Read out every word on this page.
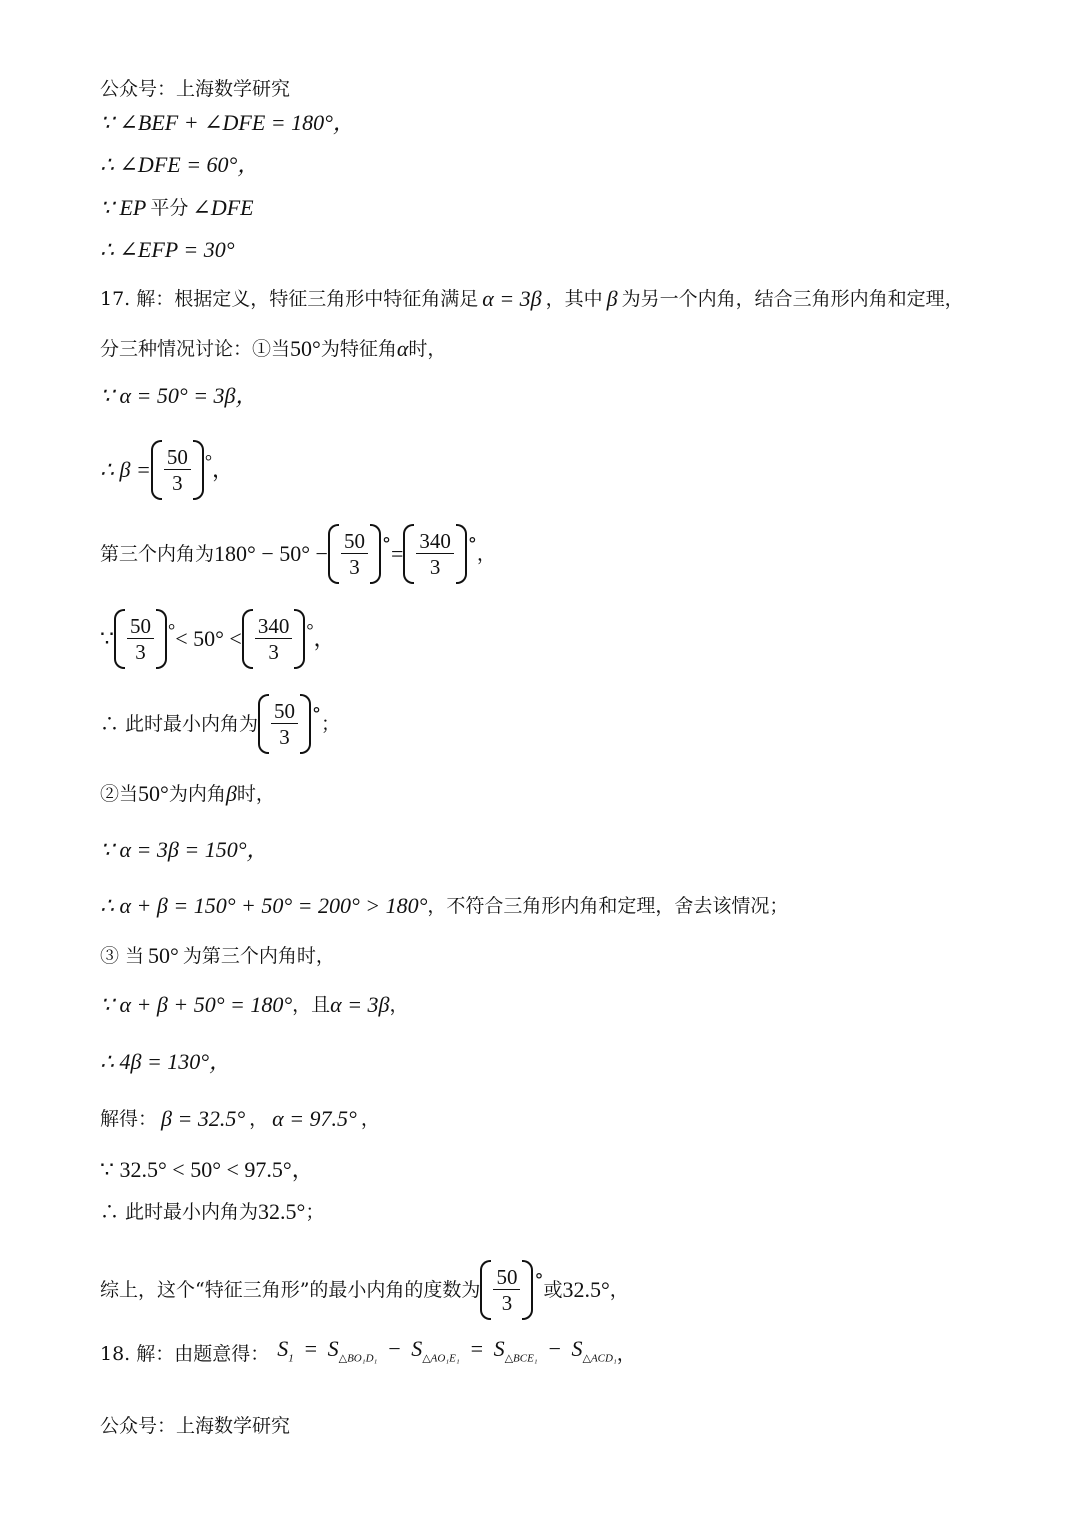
公众号：上海数学研究
∵ ∠BEF + ∠DFE = 180°，
∴ ∠DFE = 60°，
∵ EP 平分 ∠DFE
∴ ∠EFP = 30°
17. 解：根据定义，特征三角形中特征角满足 α = 3β ，其中 β 为另一个内角，结合三角形内角和定理，
分三种情况讨论：①当 50° 为特征角 α 时，
∵ α = 50° = 3β，
∴ $\beta = \frac{50}{3}$ ° ，
第三个内角为 $180^\circ - 50^\circ - \frac{50}{3}$ ° = $\frac{340}{3}$ ° ，
∵ $\frac{50}{3}$ ° < $50^\circ < \frac{340}{3}$ ° ，
∴ 此时最小内角为 $\frac{50}{3}$ ° ；
②当 50° 为内角 β 时，
∵ α = 3β = 150°，
∴ α + β = 150° + 50° = 200° > 180° ，不符合三角形内角和定理，舍去该情况；
③ 当 50° 为第三个内角时，
∵ α + β + 50° = 180° ，且 α = 3β ，
∴ 4β = 130°，
解得： β = 32.5° ， α = 97.5° ，
∵ 32.5° < 50° < 97.5°，
∴ 此时最小内角为 32.5° ；
综上，这个“特征三角形”的最小内角的度数为 $\frac{50}{3}$ ° 或 32.5° ，
18. 解：由题意得： $S_1 = S_{\triangle BO_1D_1} - S_{\triangle AO_1E_1} = S_{\triangle BCE_1} - S_{\triangle ACD_1}$ ，
公众号：上海数学研究
